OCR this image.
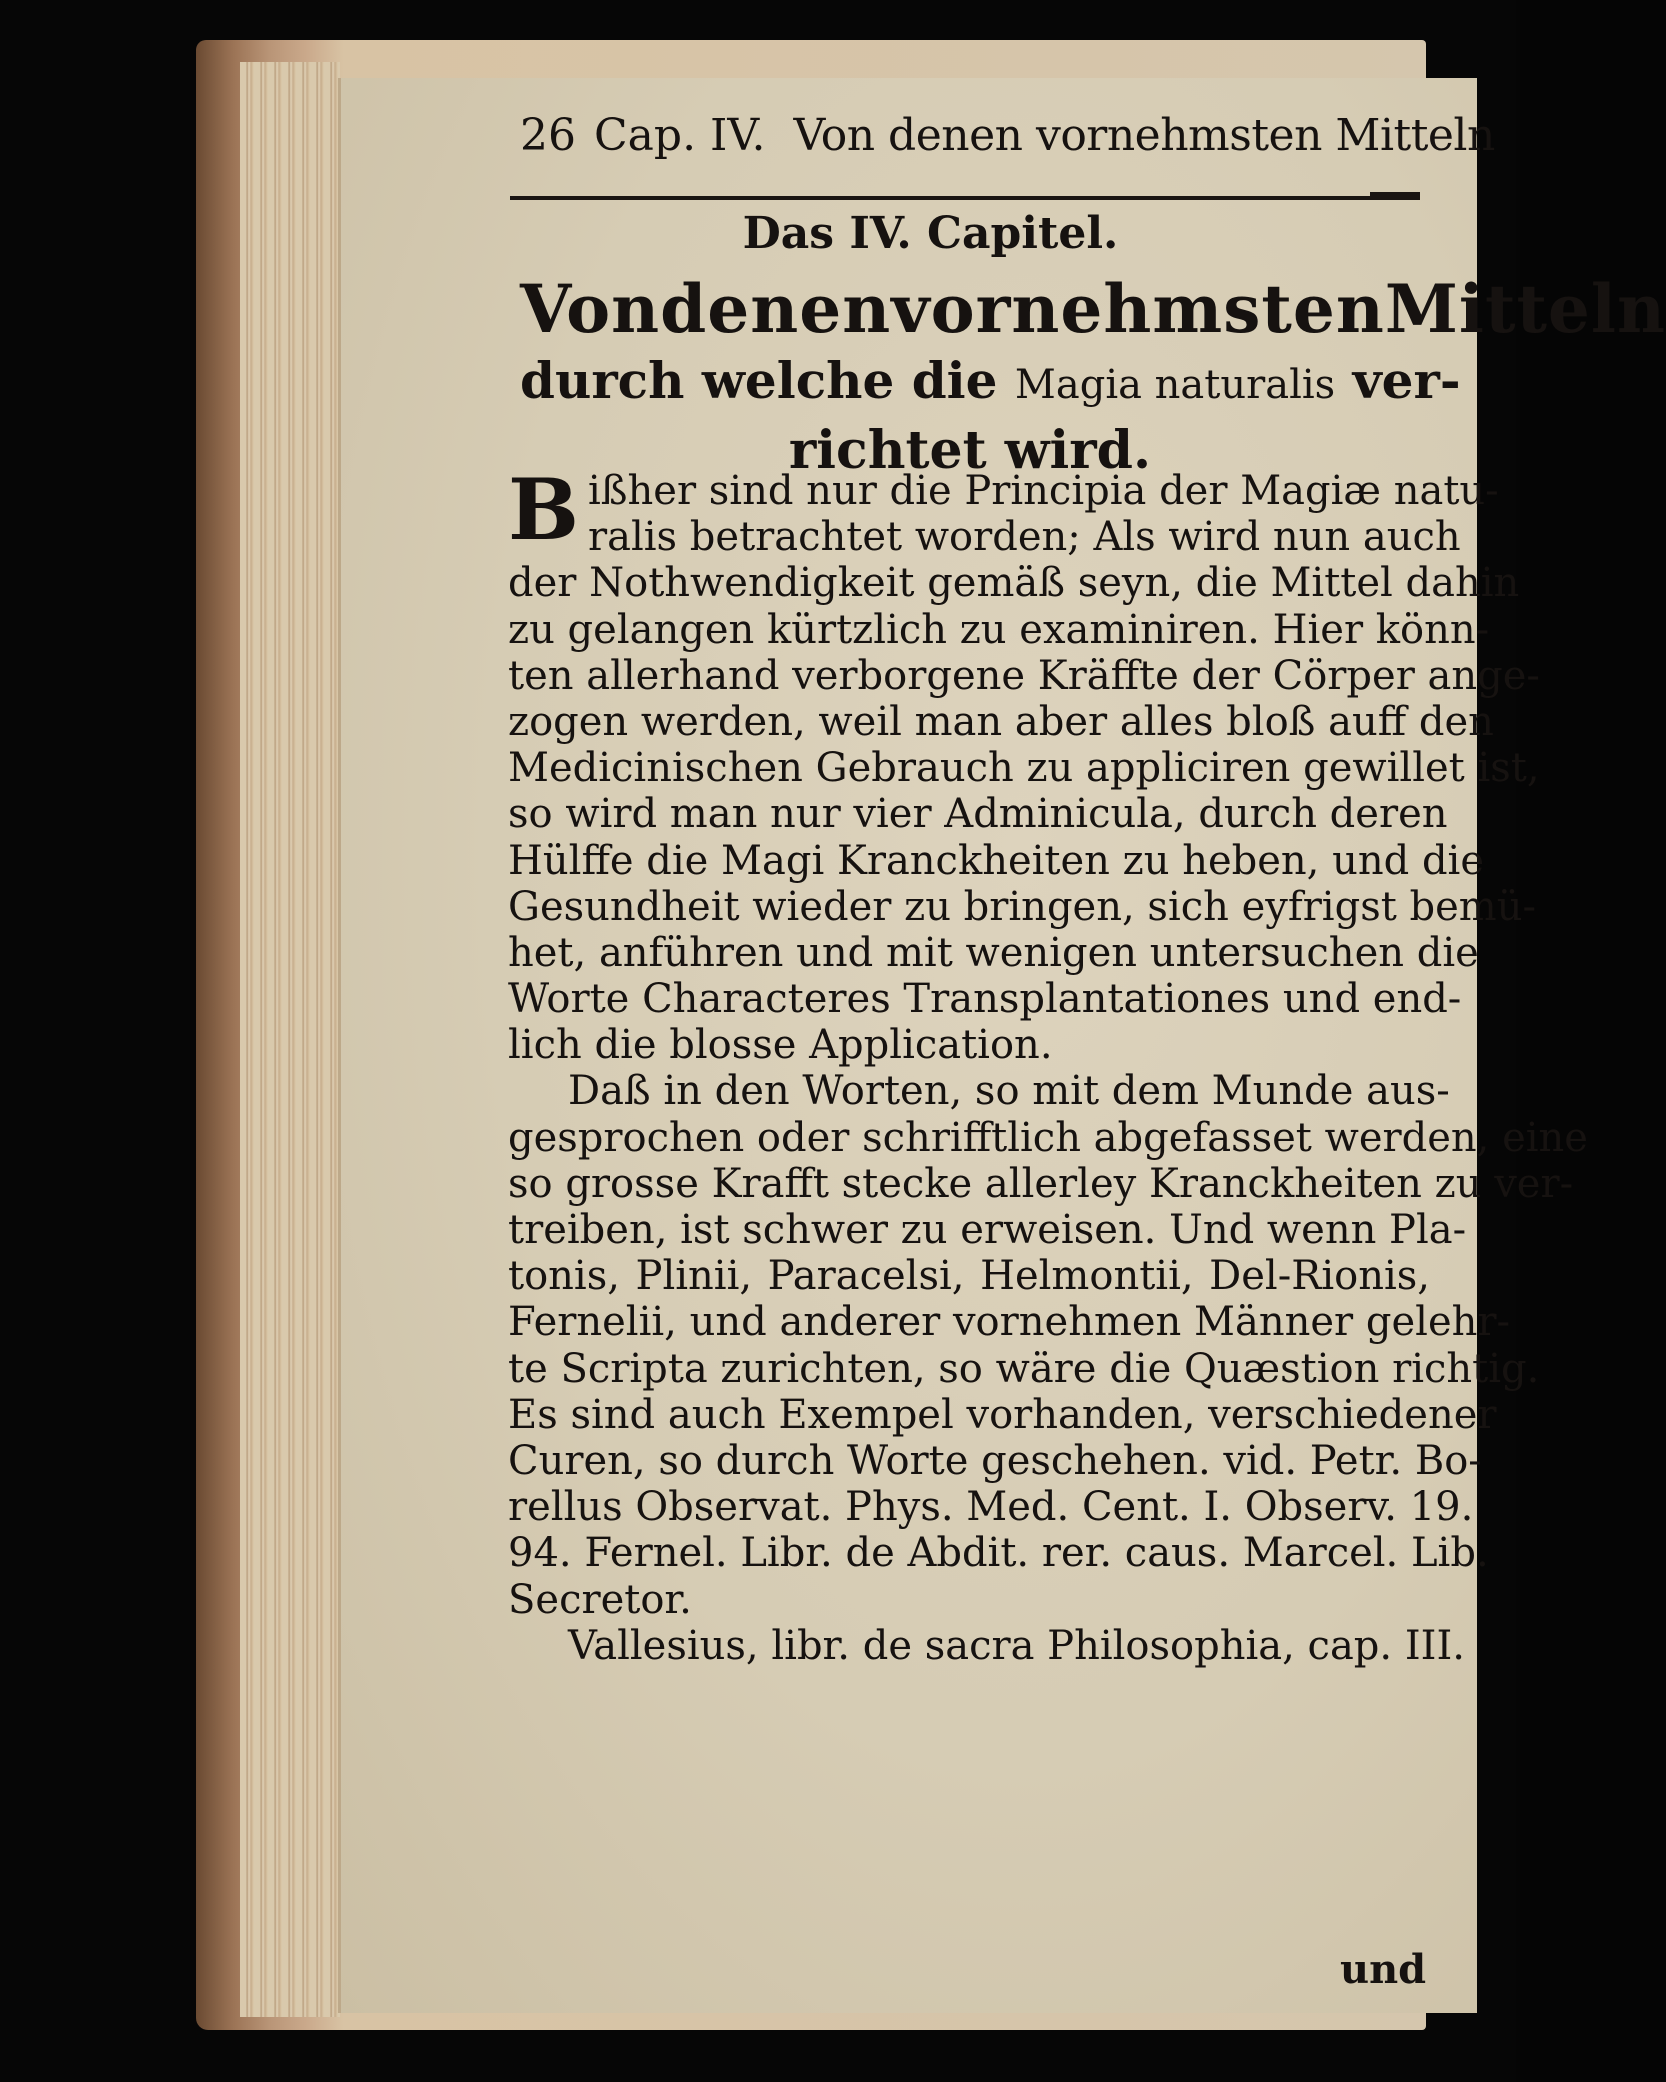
26 Cap. IV. Von denen vornehmsten Mitteln
Das IV. Capitel.
Von denen vornehmsten Mitteln
durch welche die Magia naturalis ver-
richtet wird.
B ißher sind nur die Principia der Magiæ natu-
ralis betrachtet worden; Als wird nun auch
der Nothwendigkeit gemäß seyn, die Mittel dahin
zu gelangen kürtzlich zu examiniren. Hier könn-
ten allerhand verborgene Kräffte der Cörper ange-
zogen werden, weil man aber alles bloß auff den
Medicinischen Gebrauch zu appliciren gewillet ist,
so wird man nur vier Adminicula, durch deren
Hülffe die Magi Kranckheiten zu heben, und die
Gesundheit wieder zu bringen, sich eyfrigst bemü-
het, anführen und mit wenigen untersuchen die
Worte Characteres Transplantationes und end-
lich die blosse Application.
Daß in den Worten, so mit dem Munde aus-
gesprochen oder schrifftlich abgefasset werden, eine
so grosse Krafft stecke allerley Kranckheiten zu ver-
treiben, ist schwer zu erweisen. Und wenn Pla-
tonis, Plinii, Paracelsi, Helmontii, Del-Rionis,
Fernelii, und anderer vornehmen Männer gelehr-
te Scripta zurichten, so wäre die Quæstion richtig.
Es sind auch Exempel vorhanden, verschiedener
Curen, so durch Worte geschehen. vid. Petr. Bo-
rellus Observat. Phys. Med. Cent. I. Observ. 19.
94. Fernel. Libr. de Abdit. rer. caus. Marcel. Lib.
Secretor.
Vallesius, libr. de sacra Philosophia, cap. III.
und
